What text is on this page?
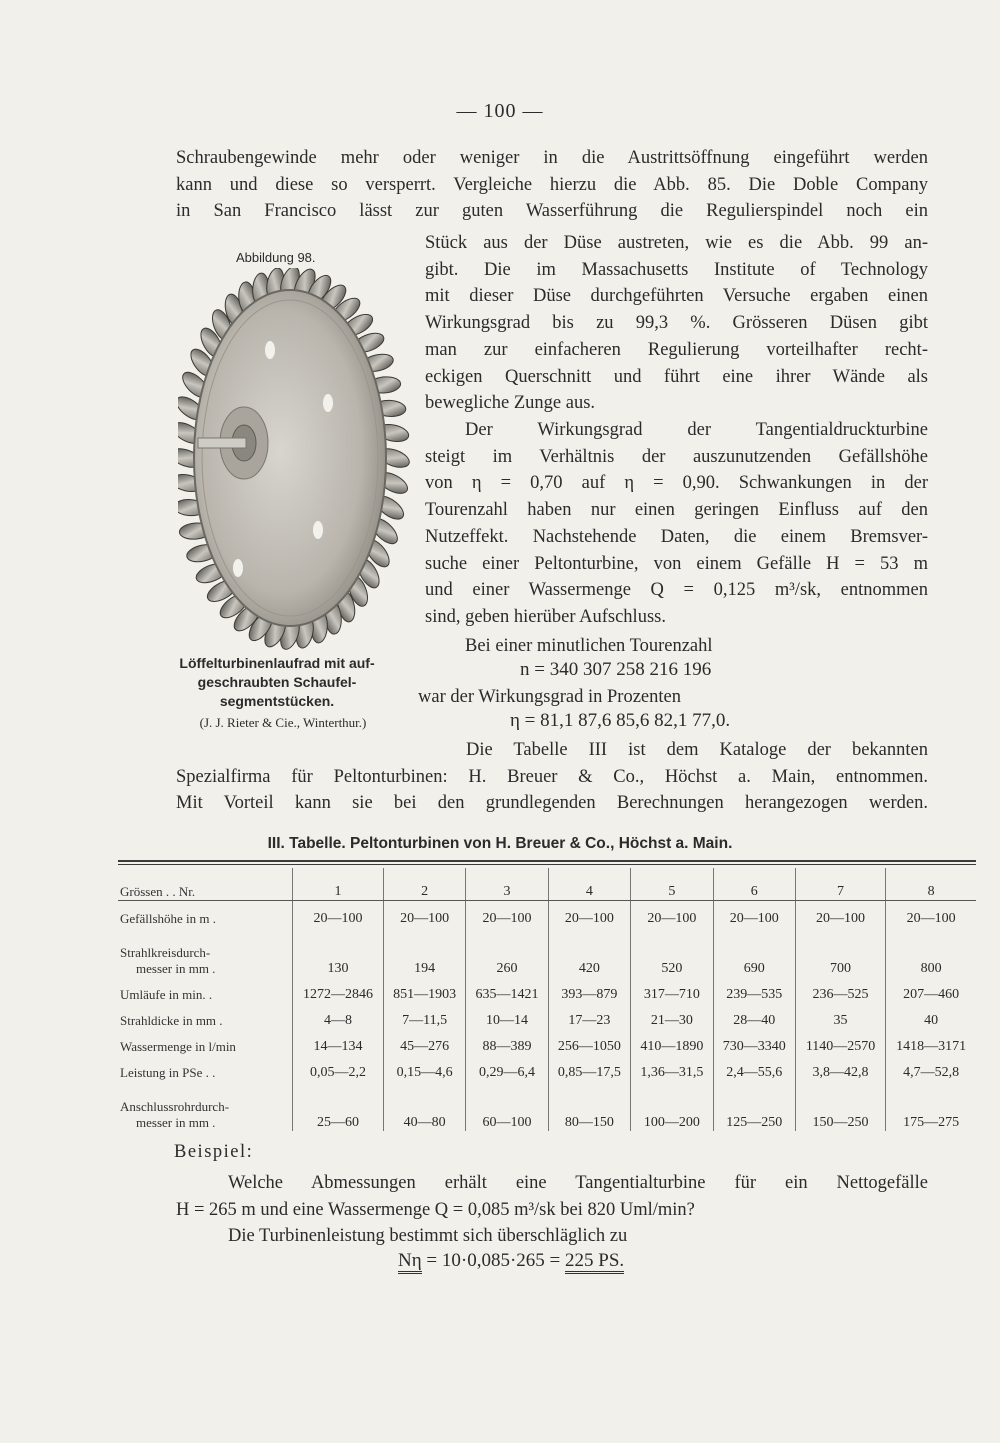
— 100 —
Schraubengewinde mehr oder weniger in die Austrittsöffnung eingeführt werden
kann und diese so versperrt. Vergleiche hierzu die Abb. 85. Die Doble Company
in San Francisco lässt zur guten Wasserführung die Regulierspindel noch ein
Stück aus der Düse austreten, wie es die Abb. 99 an-
gibt. Die im Massachusetts Institute of Technology
mit dieser Düse durchgeführten Versuche ergaben einen
Wirkungsgrad bis zu 99,3 %. Grösseren Düsen gibt
man zur einfacheren Regulierung vorteilhafter recht-
eckigen Querschnitt und führt eine ihrer Wände als
bewegliche Zunge aus.
Der Wirkungsgrad der Tangentialdruckturbine
steigt im Verhältnis der auszunutzenden Gefällshöhe
von η = 0,70 auf η = 0,90. Schwankungen in der
Tourenzahl haben nur einen geringen Einfluss auf den
Nutzeffekt. Nachstehende Daten, die einem Bremsver-
suche einer Peltonturbine, von einem Gefälle H = 53 m
und einer Wassermenge Q = 0,125 m³/sk, entnommen
sind, geben hierüber Aufschluss.
Bei einer minutlichen Tourenzahl
n = 340 307 258 216 196
war der Wirkungsgrad in Prozenten
η = 81,1 87,6 85,6 82,1 77,0.
Die Tabelle III ist dem Kataloge der bekannten
Spezialfirma für Peltonturbinen: H. Breuer & Co., Höchst a. Main, entnommen.
Mit Vorteil kann sie bei den grundlegenden Berechnungen herangezogen werden.
Abbildung 98.
Löffelturbinenlaufrad mit auf-
geschraubten Schaufel-
segmentstücken.
(J. J. Rieter & Cie., Winterthur.)
III. Tabelle. Peltonturbinen von H. Breuer & Co., Höchst a. Main.
Grössen . . Nr.	1	2	3	4	5	6	7	8
Gefällshöhe in m .	20—100	20—100	20—100	20—100	20—100	20—100	20—100	20—100

Strahlkreisdurch-
messer in mm .	130	194	260	420	520	690	700	800
Umläufe in min. .	1272—2846	851—1903	635—1421	393—879	317—710	239—535	236—525	207—460
Strahldicke in mm .	4—8	7—11,5	10—14	17—23	21—30	28—40	35	40
Wassermenge in l/min	14—134	45—276	88—389	256—1050	410—1890	730—3340	1140—2570	1418—3171
Leistung in PSe . .	0,05—2,2	0,15—4,6	0,29—6,4	0,85—17,5	1,36—31,5	2,4—55,6	3,8—42,8	4,7—52,8

Anschlussrohrdurch-
messer in mm .	25—60	40—80	60—100	80—150	100—200	125—250	150—250	175—275
Beispiel:
Welche Abmessungen erhält eine Tangentialturbine für ein Nettogefälle
H = 265 m und eine Wassermenge Q = 0,085 m³/sk bei 820 Uml/min?
Die Turbinenleistung bestimmt sich überschläglich zu
Nη = 10·0,085·265 = 225 PS.
